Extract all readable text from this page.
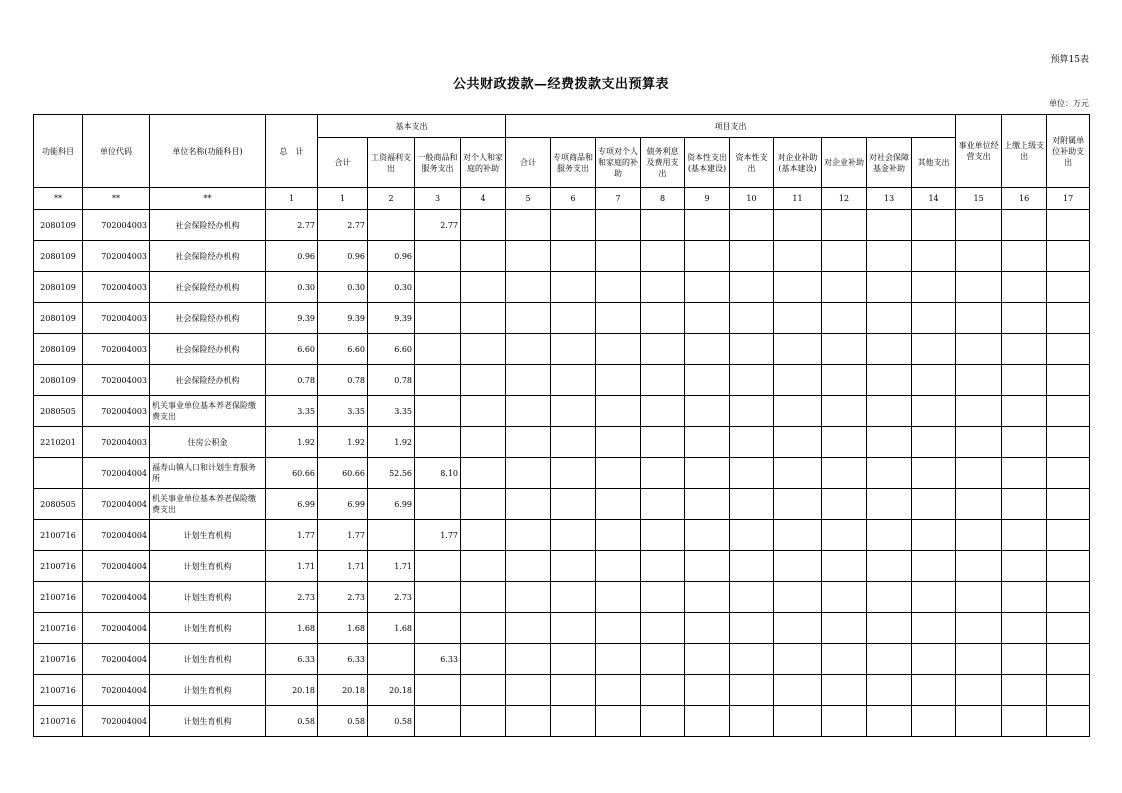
预算15表
公共财政拨款—经费拨款支出预算表
单位：万元
功能科目	单位代码	单位名称(功能科目)	总　计	基本支出				项目支出										事业单位经营支出	上缴上级支出	对附属单位补助支出
				合计	工资福利支出	一般商品和服务支出	对个人和家庭的补助	合计	专项商品和服务支出	专项对个人和家庭的补助	债务利息及费用支出	资本性支出(基本建设)	资本性支出	对企业补助(基本建设)	对企业补助	对社会保障基金补助	其他支出			
**	**	**	1	1	2	3	4	5	6	7	8	9	10	11	12	13	14	15	16	17
2080109	702004003	社会保险经办机构	2.77	2.77		2.77														
2080109	702004003	社会保险经办机构	0.96	0.96	0.96															
2080109	702004003	社会保险经办机构	0.30	0.30	0.30															
2080109	702004003	社会保险经办机构	9.39	9.39	9.39															
2080109	702004003	社会保险经办机构	6.60	6.60	6.60															
2080109	702004003	社会保险经办机构	0.78	0.78	0.78															
2080505	702004003	机关事业单位基本养老保险缴费支出	3.35	3.35	3.35															
2210201	702004003	住房公积金	1.92	1.92	1.92															
	702004004	福寿山镇人口和计划生育服务所	60.66	60.66	52.56	8.10														
2080505	702004004	机关事业单位基本养老保险缴费支出	6.99	6.99	6.99															
2100716	702004004	计划生育机构	1.77	1.77		1.77														
2100716	702004004	计划生育机构	1.71	1.71	1.71															
2100716	702004004	计划生育机构	2.73	2.73	2.73															
2100716	702004004	计划生育机构	1.68	1.68	1.68															
2100716	702004004	计划生育机构	6.33	6.33		6.33														
2100716	702004004	计划生育机构	20.18	20.18	20.18															
2100716	702004004	计划生育机构	0.58	0.58	0.58															
